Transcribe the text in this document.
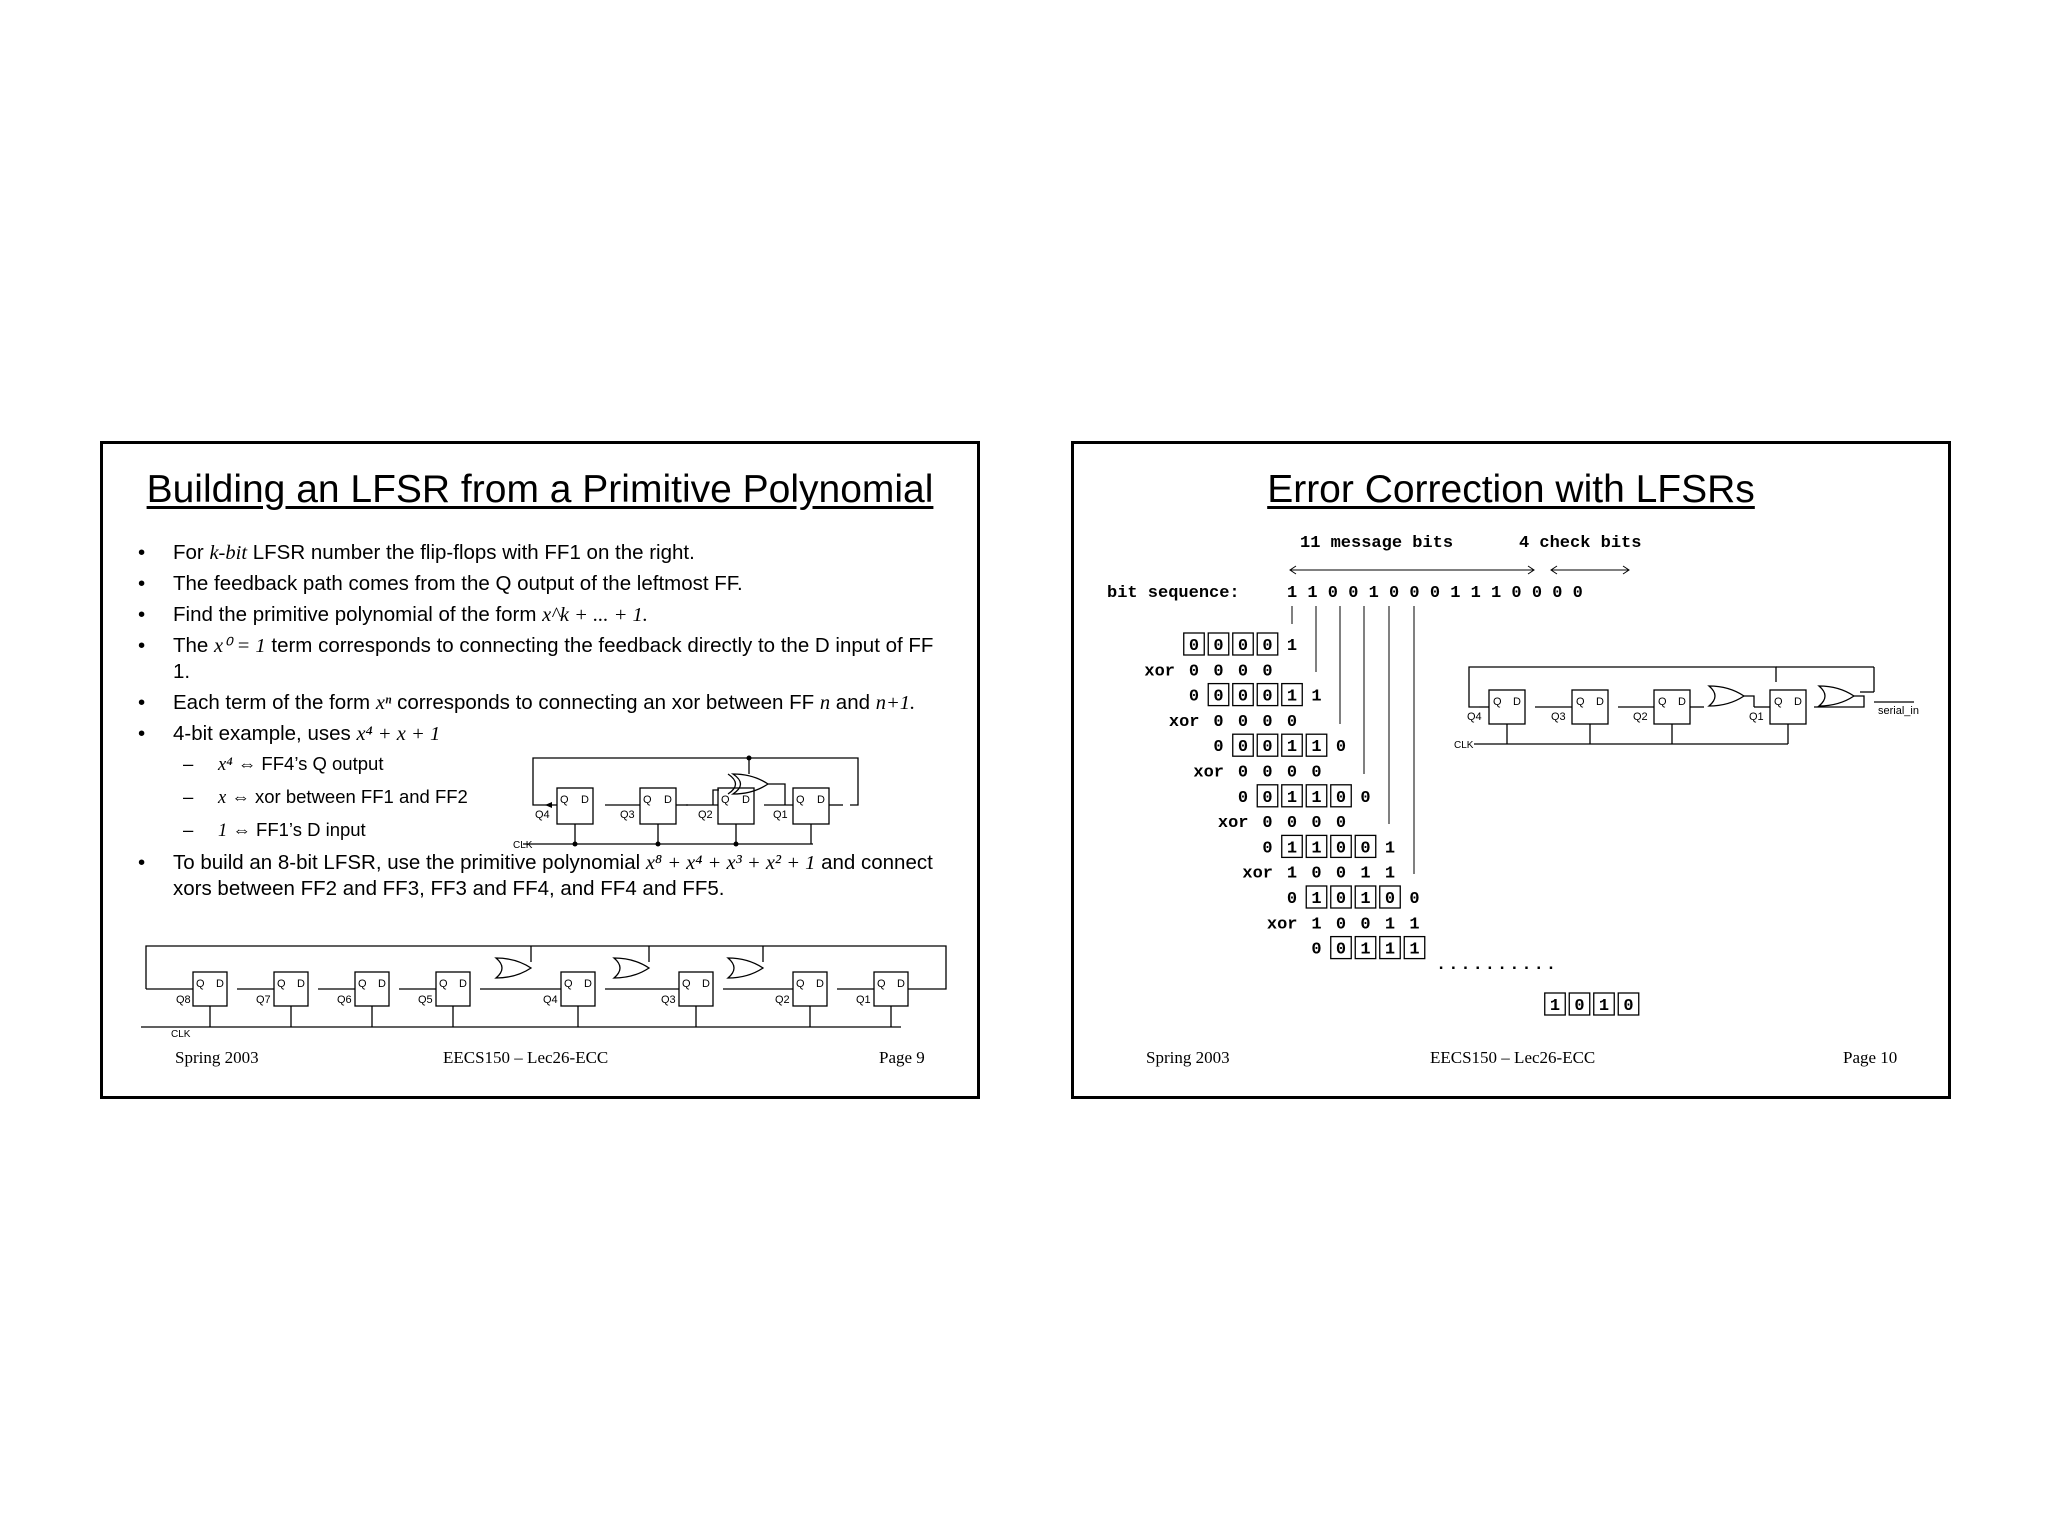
Building an LFSR from a Primitive Polynomial
• For k-bit LFSR number the flip-flops with FF1 on the right.
• The feedback path comes from the Q output of the leftmost FF.
• Find the primitive polynomial of the form x^k + ... + 1.
• The x⁰ = 1 term corresponds to connecting the feedback directly to the D input of FF 1.
• Each term of the form xⁿ corresponds to connecting an xor between FF n and n+1.
• 4-bit example, uses x⁴ + x + 1
– x⁴ ⇔ FF4’s Q output
– x ⇔ xor between FF1 and FF2
– 1 ⇔ FF1’s D input
• To build an 8-bit LFSR, use the primitive polynomial x⁸ + x⁴ + x³ + x² + 1 and connect xors between FF2 and FF3, FF3 and FF4, and FF4 and FF5.
Q D	Q D	Q D	Q D
Q4	Q3	Q2	Q1
CLK
Q D	Q D	Q D	Q D	Q D	Q D	Q D	Q D
Q8	Q7	Q6	Q5	Q4	Q3	Q2	Q1
CLK
Spring 2003	EECS150 – Lec26-ECC	Page 9
Error Correction with LFSRs
11 message bits	4 check bits
bit sequence:	1 1 0 0 1 0 0 0 1 1 1 0 0 0 0
0 0 0 0 1
xor 0 0 0 0
0 0 0 0 1 1
xor 0 0 0 0
0 0 0 1 1 0
xor 0 0 0 0
0 0 1 1 0 0
xor 0 0 0 0
0 1 1 0 0 1
xor 1 0 0 1 1
0 1 0 1 0 0
xor 1 0 0 1 1
0 0 1 1 1
1 0 1 0
..........
Q D	Q D	Q D	Q D
Q4	Q3	Q2	Q1	serial_in
CLK
Spring 2003	EECS150 – Lec26-ECC	Page 10
